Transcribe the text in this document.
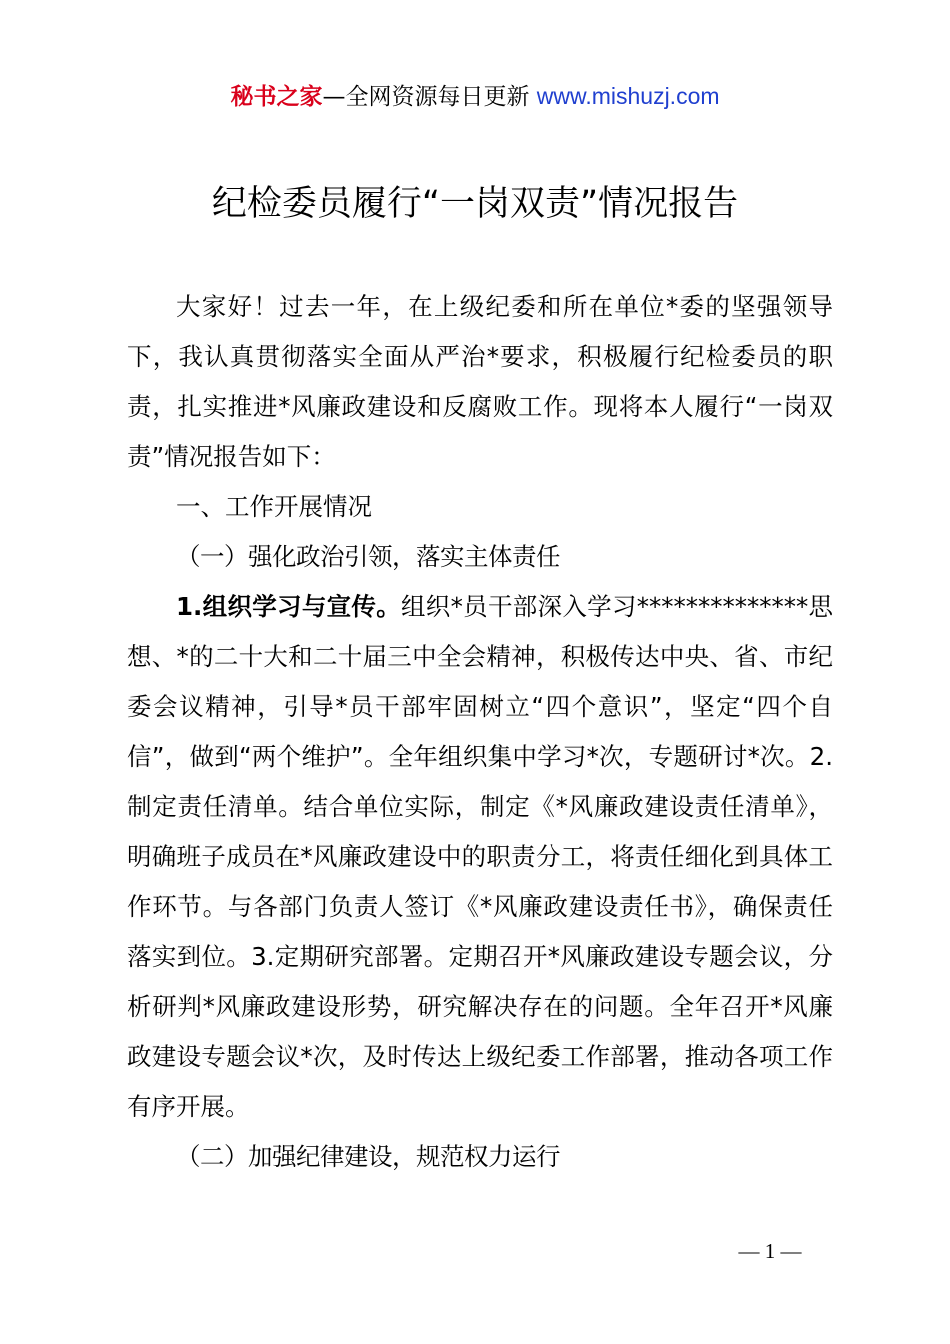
秘书之家—全网资源每日更新 www.mishuzj.com
纪检委员履行“一岗双责”情况报告

大家好！过去一年，在上级纪委和所在单位*委的坚强领导下，我认真贯彻落实全面从严治*要求，积极履行纪检委员的职责，扎实推进*风廉政建设和反腐败工作。现将本人履行“一岗双责”情况报告如下：

一、工作开展情况

（一）强化政治引领，落实主体责任

1.组织学习与宣传。组织*员干部深入学习**************思想、*的二十大和二十届三中全会精神，积极传达中央、省、市纪委会议精神，引导*员干部牢固树立“四个意识”，坚定“四个自信”，做到“两个维护”。全年组织集中学习*次，专题研讨*次。2.制定责任清单。结合单位实际，制定《*风廉政建设责任清单》，明确班子成员在*风廉政建设中的职责分工，将责任细化到具体工作环节。与各部门负责人签订《*风廉政建设责任书》，确保责任落实到位。3.定期研究部署。定期召开*风廉政建设专题会议，分析研判*风廉政建设形势，研究解决存在的问题。全年召开*风廉政建设专题会议*次，及时传达上级纪委工作部署，推动各项工作有序开展。

（二）加强纪律建设，规范权力运行

— 1 —
